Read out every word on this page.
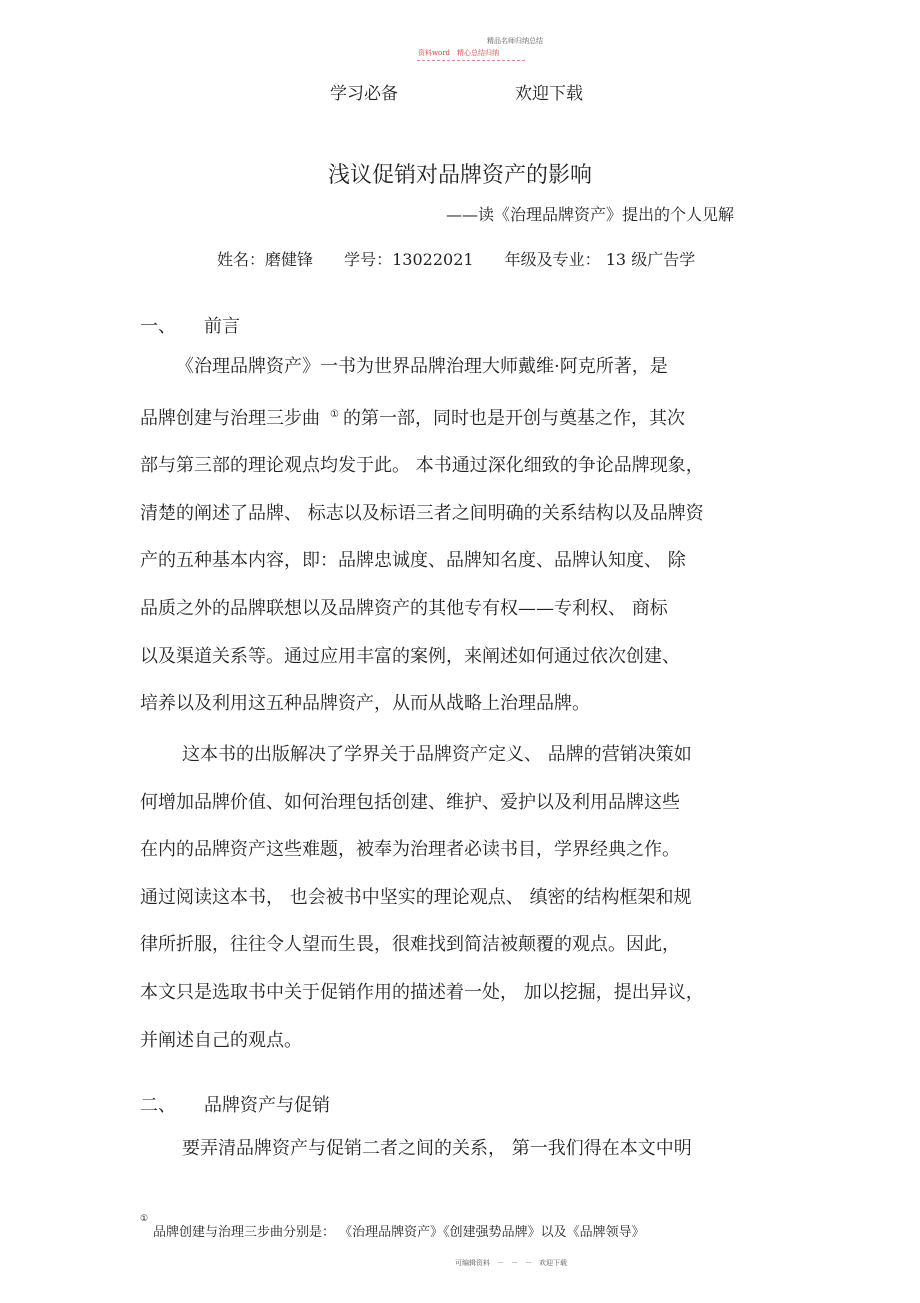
精品名师归纳总结
资料word　精心总结归纳
学习必备	欢迎下载
浅议促销对品牌资产的影响
——读《治理品牌资产》提出的个人见解
姓名：磨健锋 学号：13022021 年级及专业： 13 级广告学
一、 前言
《治理品牌资产》一书为世界品牌治理大师戴维·阿克所著，是
品牌创建与治理三步曲 ① 的第一部，同时也是开创与奠基之作，其次
部与第三部的理论观点均发于此。 本书通过深化细致的争论品牌现象，
清楚的阐述了品牌、 标志以及标语三者之间明确的关系结构以及品牌资
产的五种基本内容，即：品牌忠诚度、品牌知名度、品牌认知度、 除
品质之外的品牌联想以及品牌资产的其他专有权——专利权、 商标
以及渠道关系等。通过应用丰富的案例，来阐述如何通过依次创建、
培养以及利用这五种品牌资产，从而从战略上治理品牌。
这本书的出版解决了学界关于品牌资产定义、 品牌的营销决策如
何增加品牌价值、如何治理包括创建、维护、爱护以及利用品牌这些
在内的品牌资产这些难题，被奉为治理者必读书目，学界经典之作。
通过阅读这本书， 也会被书中坚实的理论观点、 缜密的结构框架和规
律所折服，往往令人望而生畏，很难找到简洁被颠覆的观点。因此，
本文只是选取书中关于促销作用的描述着一处， 加以挖掘，提出异议，
并阐述自己的观点。
二、 品牌资产与促销
要弄清品牌资产与促销二者之间的关系， 第一我们得在本文中明
①
品牌创建与治理三步曲分别是： 《治理品牌资产》《创建强势品牌》以及《品牌领导》
可编辑资料　－　－　－　欢迎下载
